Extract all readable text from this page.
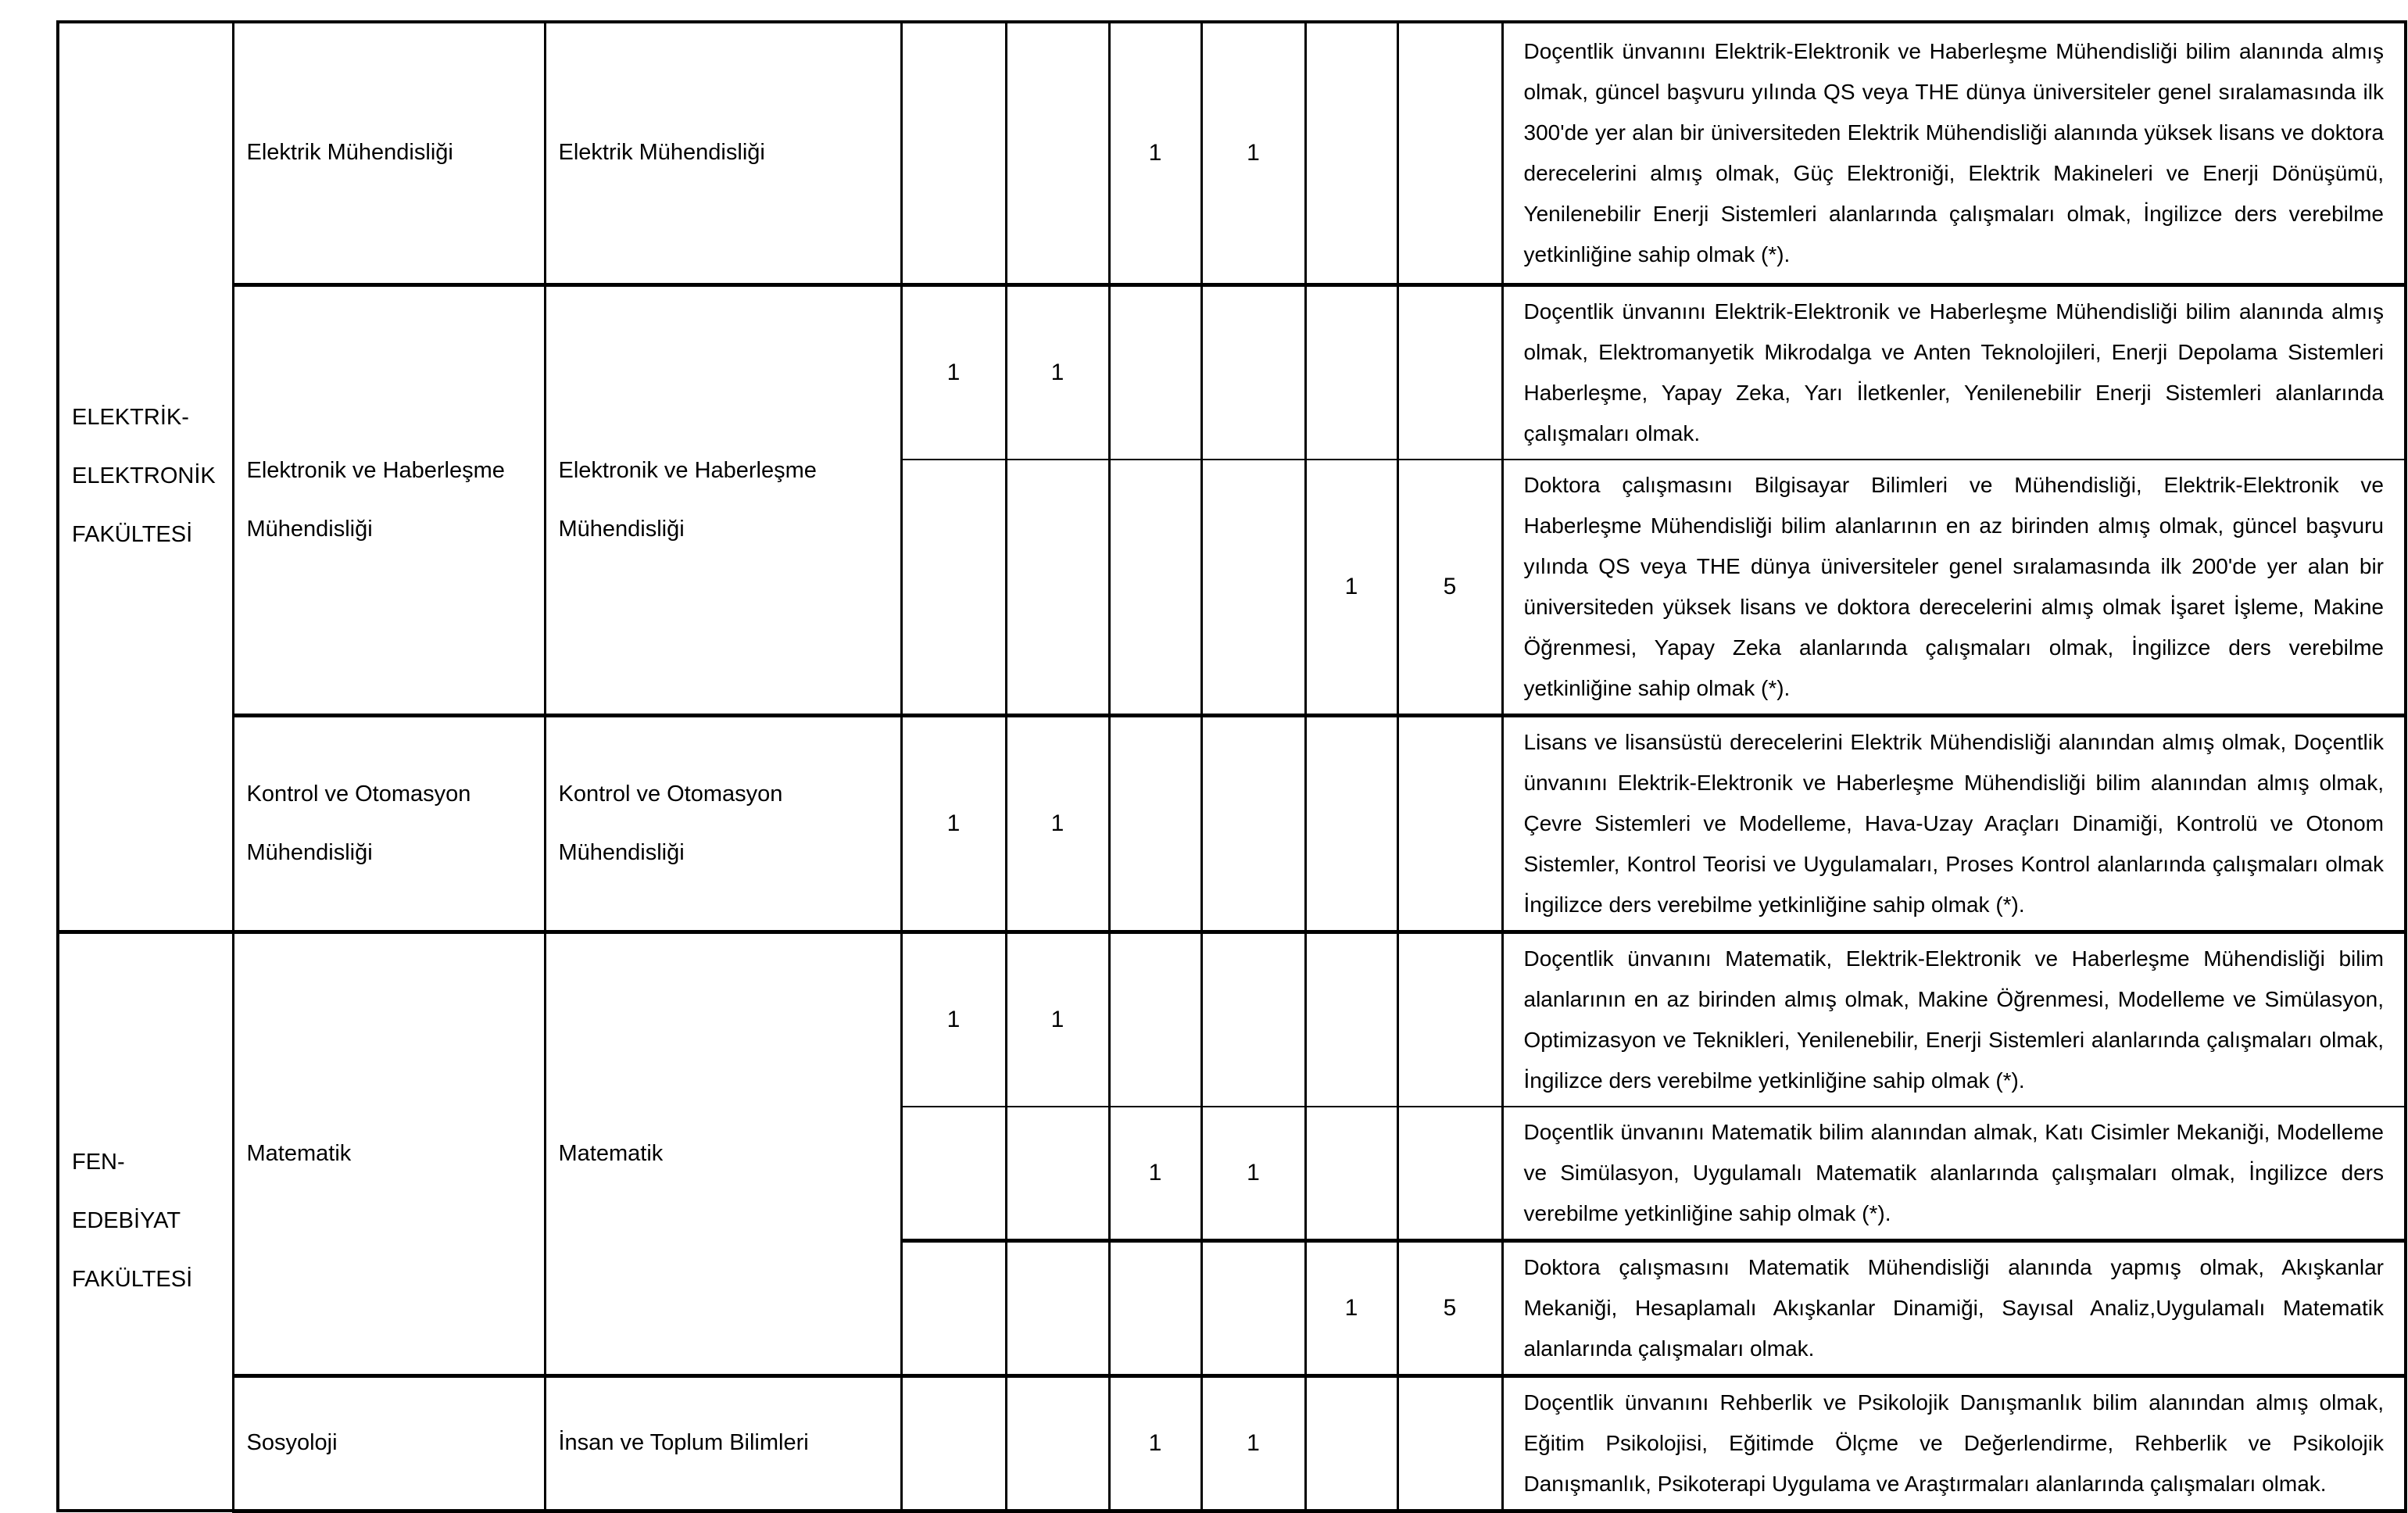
ELEKTRİK-ELEKTRONİK FAKÜLTESİ	Elektrik Mühendisliği	Elektrik Mühendisliği			1	1			Doçentlik ünvanını Elektrik-Elektronik ve Haberleşme Mühendisliği bilim alanında almış olmak, güncel başvuru yılında QS veya THE dünya üniversiteler genel sıralamasında ilk 300'de yer alan bir üniversiteden Elektrik Mühendisliği alanında yüksek lisans ve doktora derecelerini almış olmak, Güç Elektroniği, Elektrik Makineleri ve Enerji Dönüşümü, Yenilenebilir Enerji Sistemleri alanlarında çalışmaları olmak, İngilizce ders verebilme yetkinliğine sahip olmak (*).
	Elektronik ve Haberleşme Mühendisliği	Elektronik ve Haberleşme Mühendisliği	1	1					Doçentlik ünvanını Elektrik-Elektronik ve Haberleşme Mühendisliği bilim alanında almış olmak, Elektromanyetik Mikrodalga ve Anten Teknolojileri, Enerji Depolama Sistemleri Haberleşme, Yapay Zeka, Yarı İletkenler, Yenilenebilir Enerji Sistemleri alanlarında çalışmaları olmak.
							1	5	Doktora çalışmasını Bilgisayar Bilimleri ve Mühendisliği, Elektrik-Elektronik ve Haberleşme Mühendisliği bilim alanlarının en az birinden almış olmak, güncel başvuru yılında QS veya THE dünya üniversiteler genel sıralamasında ilk 200'de yer alan bir üniversiteden yüksek lisans ve doktora derecelerini almış olmak İşaret İşleme, Makine Öğrenmesi, Yapay Zeka alanlarında çalışmaları olmak, İngilizce ders verebilme yetkinliğine sahip olmak (*).
	Kontrol ve Otomasyon Mühendisliği	Kontrol ve Otomasyon Mühendisliği	1	1					Lisans ve lisansüstü derecelerini Elektrik Mühendisliği alanından almış olmak, Doçentlik ünvanını Elektrik-Elektronik ve Haberleşme Mühendisliği bilim alanından almış olmak, Çevre Sistemleri ve Modelleme, Hava-Uzay Araçları Dinamiği, Kontrolü ve Otonom Sistemler, Kontrol Teorisi ve Uygulamaları, Proses Kontrol alanlarında çalışmaları olmak İngilizce ders verebilme yetkinliğine sahip olmak (*).
FEN-EDEBİYAT FAKÜLTESİ	Matematik	Matematik	1	1					Doçentlik ünvanını Matematik, Elektrik-Elektronik ve Haberleşme Mühendisliği bilim alanlarının en az birinden almış olmak, Makine Öğrenmesi, Modelleme ve Simülasyon, Optimizasyon ve Teknikleri, Yenilenebilir, Enerji Sistemleri alanlarında çalışmaları olmak, İngilizce ders verebilme yetkinliğine sahip olmak (*).
					1	1			Doçentlik ünvanını Matematik bilim alanından almak, Katı Cisimler Mekaniği, Modelleme ve Simülasyon, Uygulamalı Matematik alanlarında çalışmaları olmak, İngilizce ders verebilme yetkinliğine sahip olmak (*).
							1	5	Doktora çalışmasını Matematik Mühendisliği alanında yapmış olmak, Akışkanlar Mekaniği, Hesaplamalı Akışkanlar Dinamiği, Sayısal Analiz,Uygulamalı Matematik alanlarında çalışmaları olmak.
	Sosyoloji	İnsan ve Toplum Bilimleri			1	1			Doçentlik ünvanını Rehberlik ve Psikolojik Danışmanlık bilim alanından almış olmak, Eğitim Psikolojisi, Eğitimde Ölçme ve Değerlendirme, Rehberlik ve Psikolojik Danışmanlık, Psikoterapi Uygulama ve Araştırmaları alanlarında çalışmaları olmak.
